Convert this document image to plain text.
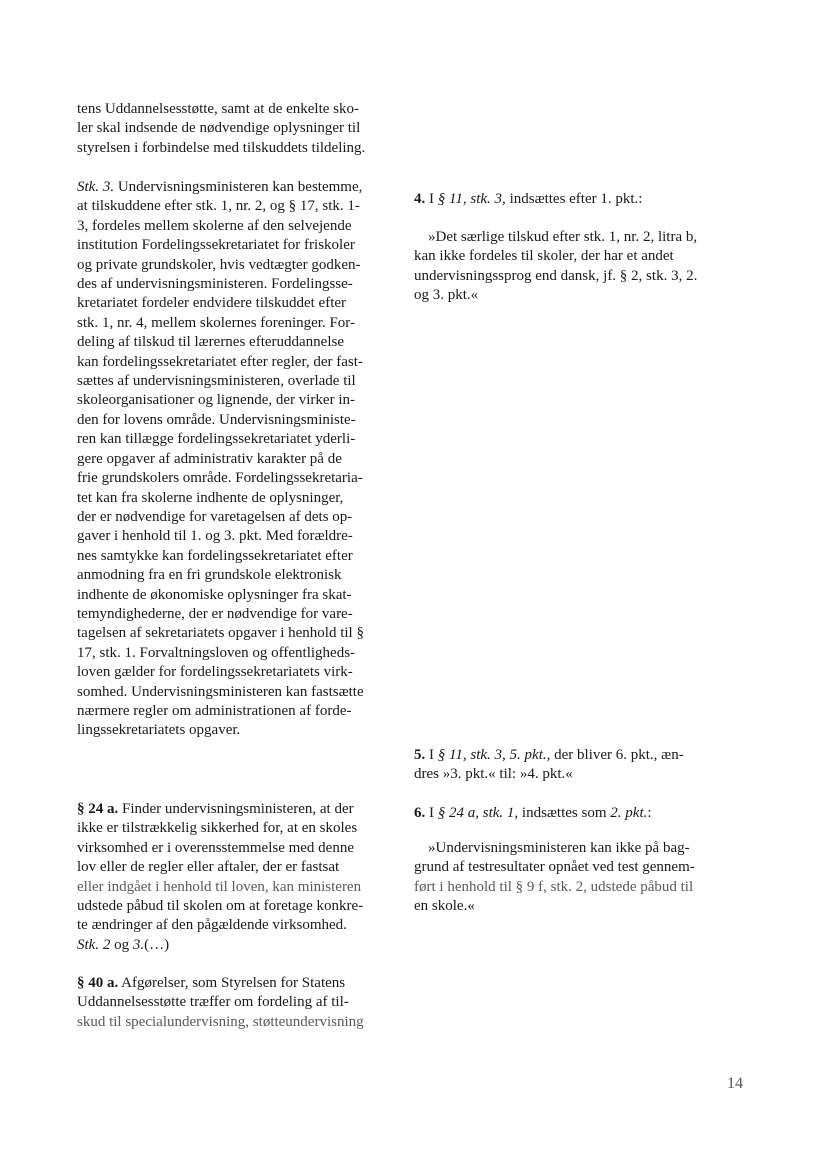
tens Uddannelsesstøtte, samt at de enkelte sko-
ler skal indsende de nødvendige oplysninger til
styrelsen i forbindelse med tilskuddets tildeling.
Stk. 3. Undervisningsministeren kan bestemme,
at tilskuddene efter stk. 1, nr. 2, og § 17, stk. 1-
3, fordeles mellem skolerne af den selvejende
institution Fordelingssekretariatet for friskoler
og private grundskoler, hvis vedtægter godken-
des af undervisningsministeren. Fordelingsse-
kretariatet fordeler endvidere tilskuddet efter
stk. 1, nr. 4, mellem skolernes foreninger. For-
deling af tilskud til lærernes efteruddannelse
kan fordelingssekretariatet efter regler, der fast-
sættes af undervisningsministeren, overlade til
skoleorganisationer og lignende, der virker in-
den for lovens område. Undervisningsministe-
ren kan tillægge fordelingssekretariatet yderli-
gere opgaver af administrativ karakter på de
frie grundskolers område. Fordelingssekretaria-
tet kan fra skolerne indhente de oplysninger,
der er nødvendige for varetagelsen af dets op-
gaver i henhold til 1. og 3. pkt. Med forældre-
nes samtykke kan fordelingssekretariatet efter
anmodning fra en fri grundskole elektronisk
indhente de økonomiske oplysninger fra skat-
temyndighederne, der er nødvendige for vare-
tagelsen af sekretariatets opgaver i henhold til §
17, stk. 1. Forvaltningsloven og offentligheds-
loven gælder for fordelingssekretariatets virk-
somhed. Undervisningsministeren kan fastsætte
nærmere regler om administrationen af forde-
lingssekretariatets opgaver.
§ 24 a. Finder undervisningsministeren, at der
ikke er tilstrækkelig sikkerhed for, at en skoles
virksomhed er i overensstemmelse med denne
lov eller de regler eller aftaler, der er fastsat
eller indgået i henhold til loven, kan ministeren
udstede påbud til skolen om at foretage konkre-
te ændringer af den pågældende virksomhed.
Stk. 2 og 3.(…)
§ 40 a. Afgørelser, som Styrelsen for Statens
Uddannelsesstøtte træffer om fordeling af til-
skud til specialundervisning, støtteundervisning
4. I § 11, stk. 3, indsættes efter 1. pkt.:
»Det særlige tilskud efter stk. 1, nr. 2, litra b,
kan ikke fordeles til skoler, der har et andet
undervisningssprog end dansk, jf. § 2, stk. 3, 2.
og 3. pkt.«
5. I § 11, stk. 3, 5. pkt., der bliver 6. pkt., æn-
dres »3. pkt.« til: »4. pkt.«
6. I § 24 a, stk. 1, indsættes som 2. pkt.:
»Undervisningsministeren kan ikke på bag-
grund af testresultater opnået ved test gennem-
ført i henhold til § 9 f, stk. 2, udstede påbud til
en skole.«
14
